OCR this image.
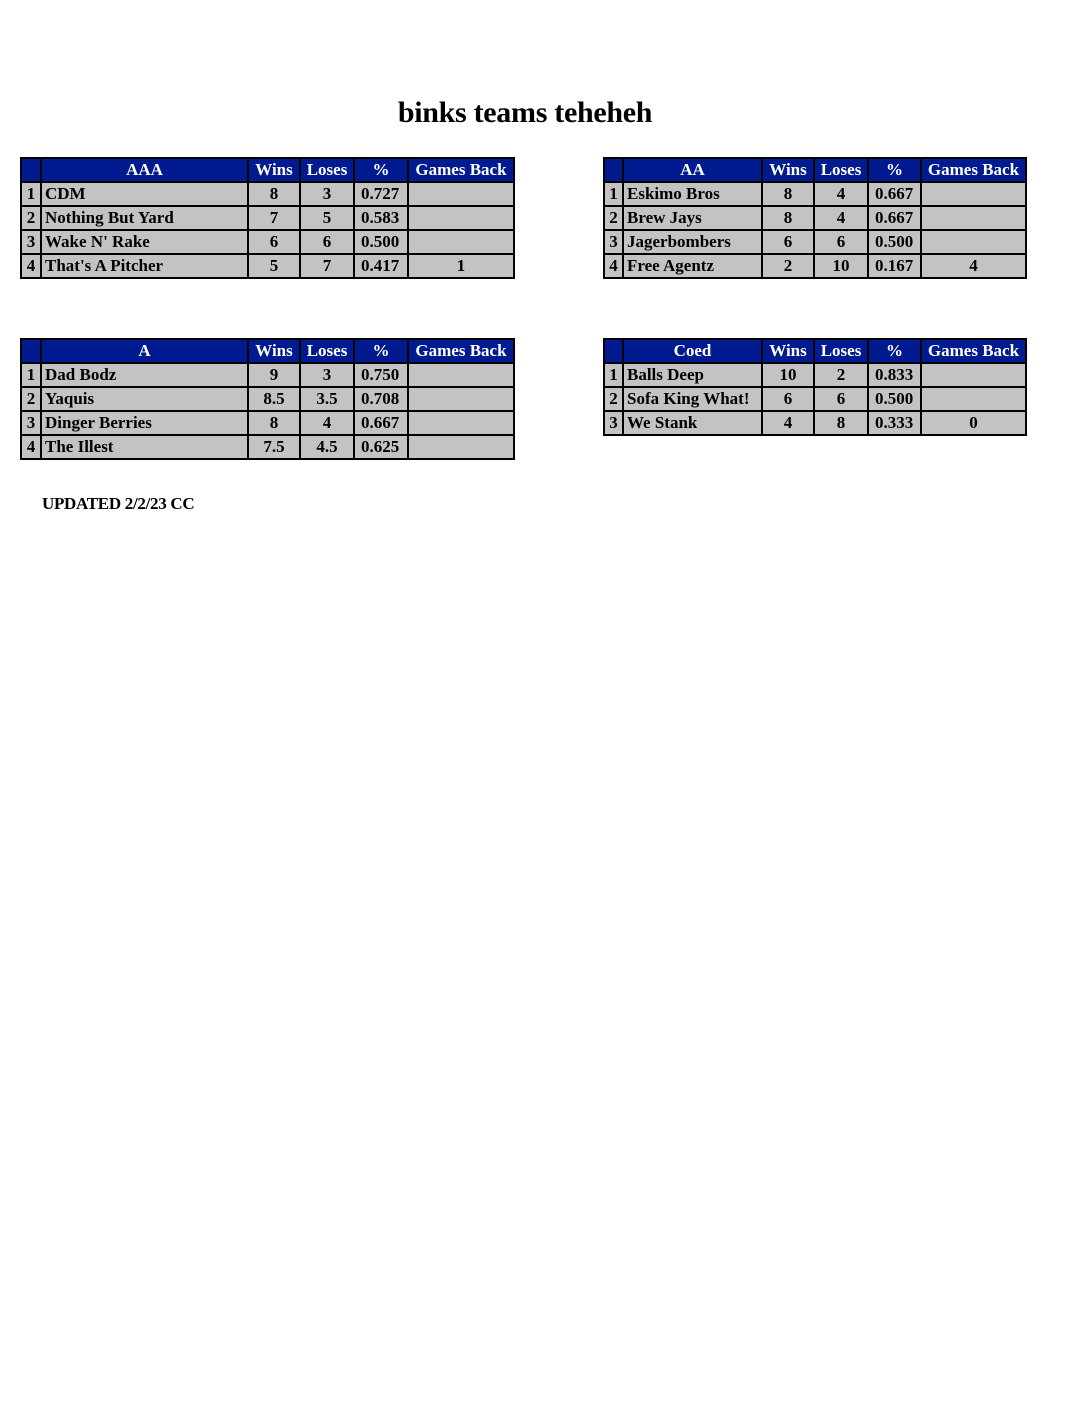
binks teams teheheh
	AAA	Wins	Loses	%	Games Back
1	CDM	8	3	0.727	
2	Nothing But Yard	7	5	0.583	
3	Wake N' Rake	6	6	0.500	
4	That's A Pitcher	5	7	0.417	1
	AA	Wins	Loses	%	Games Back
1	Eskimo Bros	8	4	0.667	
2	Brew Jays	8	4	0.667	
3	Jagerbombers	6	6	0.500	
4	Free Agentz	2	10	0.167	4
	A	Wins	Loses	%	Games Back
1	Dad Bodz	9	3	0.750	
2	Yaquis	8.5	3.5	0.708	
3	Dinger Berries	8	4	0.667	
4	The Illest	7.5	4.5	0.625	
	Coed	Wins	Loses	%	Games Back
1	Balls Deep	10	2	0.833	
2	Sofa King What!	6	6	0.500	
3	We Stank	4	8	0.333	0
UPDATED 2/2/23 CC
